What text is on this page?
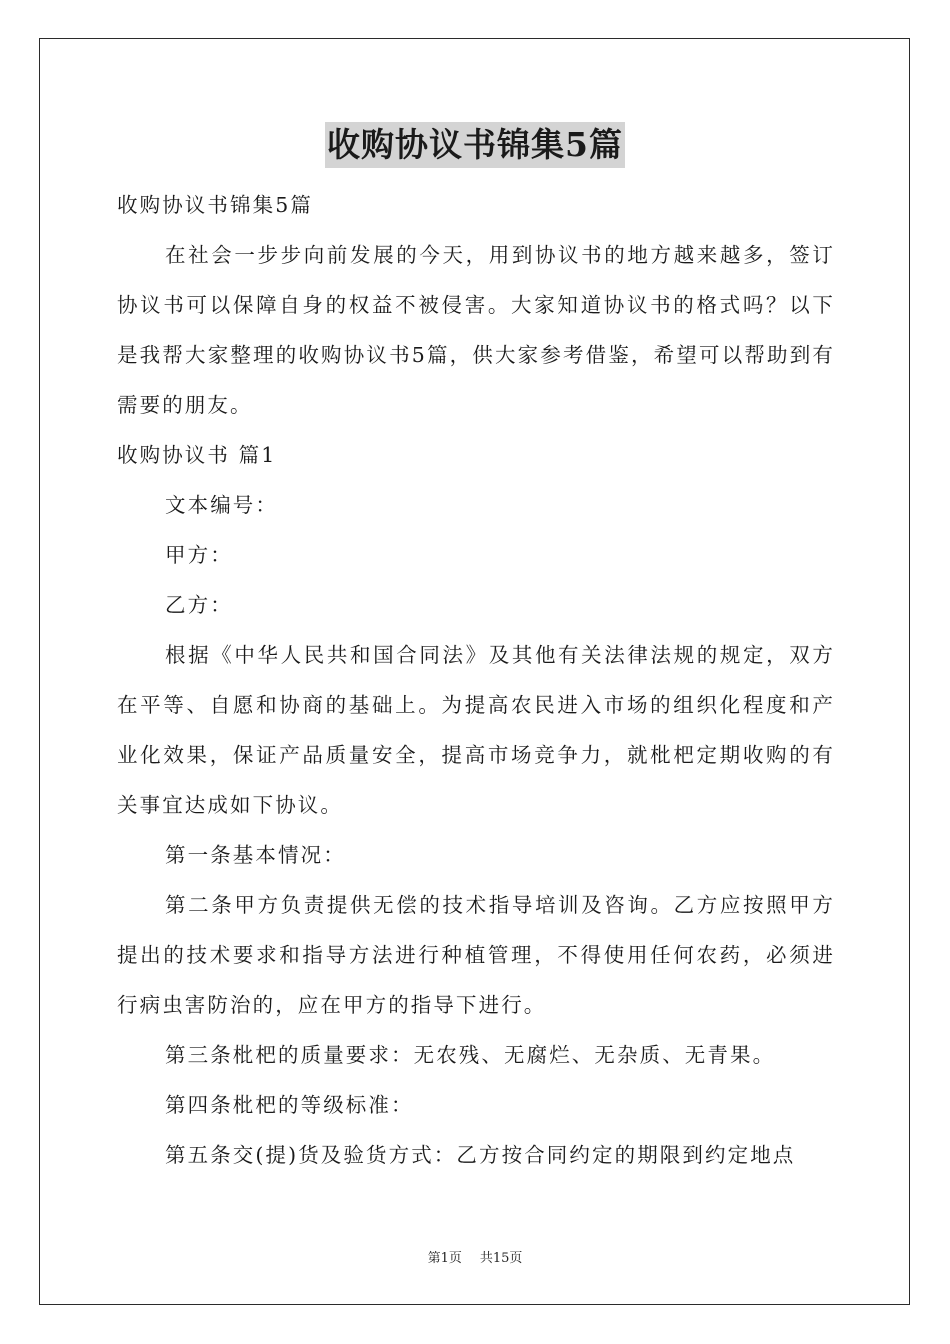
收购协议书锦集5篇

收购协议书锦集5篇

在社会一步步向前发展的今天，用到协议书的地方越来越多，签订协议书可以保障自身的权益不被侵害。大家知道协议书的格式吗？以下是我帮大家整理的收购协议书5篇，供大家参考借鉴，希望可以帮助到有需要的朋友。

收购协议书 篇1

文本编号：

甲方：

乙方：

根据《中华人民共和国合同法》及其他有关法律法规的规定，双方在平等、自愿和协商的基础上。为提高农民进入市场的组织化程度和产业化效果，保证产品质量安全，提高市场竞争力，就枇杷定期收购的有关事宜达成如下协议。

第一条基本情况：

第二条甲方负责提供无偿的技术指导培训及咨询。乙方应按照甲方提出的技术要求和指导方法进行种植管理，不得使用任何农药，必须进行病虫害防治的，应在甲方的指导下进行。

第三条枇杷的质量要求：无农残、无腐烂、无杂质、无青果。

第四条枇杷的等级标准：

第五条交(提)货及验货方式：乙方按合同约定的期限到约定地点

第1页 共15页
